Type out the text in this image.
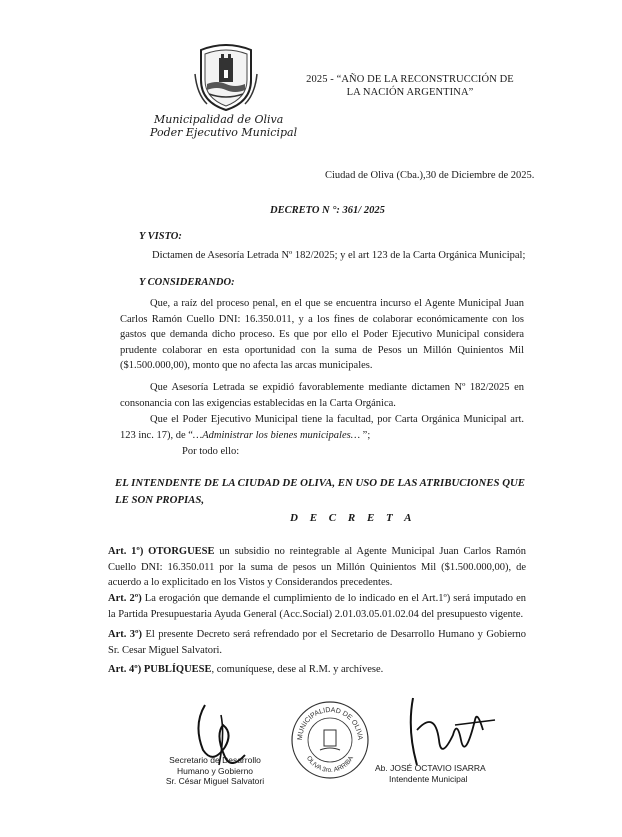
Municipalidad de Oliva
Poder Ejecutivo Municipal
2025 - “AÑO DE LA RECONSTRUCCIÓN DE
LA NACIÓN ARGENTINA”
Ciudad de Oliva (Cba.),30 de Diciembre de 2025.
DECRETO N °: 361/ 2025
Y VISTO:
Dictamen de Asesoría Letrada Nº 182/2025; y el art 123 de la Carta Orgánica Municipal;
Y CONSIDERANDO:
Que, a raíz del proceso penal, en el que se encuentra incurso el Agente Municipal Juan Carlos Ramón Cuello DNI: 16.350.011, y a los fines de colaborar económicamente con los gastos que demanda dicho proceso. Es que por ello el Poder Ejecutivo Municipal considera prudente colaborar en esta oportunidad con la suma de Pesos un Millón Quinientos Mil ($1.500.000,00), monto que no afecta las arcas municipales.
Que Asesoría Letrada se expidió favorablemente mediante dictamen Nº 182/2025 en consonancia con las exigencias establecidas en la Carta Orgánica.
Que el Poder Ejecutivo Municipal tiene la facultad, por Carta Orgánica Municipal art. 123 inc. 17), de “…Administrar los bienes municipales… ”;
Por todo ello:
EL INTENDENTE DE LA CIUDAD DE OLIVA, EN USO DE LAS ATRIBUCIONES QUE LE SON PROPIAS,
D E C R E T A
Art. 1º) OTORGUESE un subsidio no reintegrable al Agente Municipal Juan Carlos Ramón Cuello DNI: 16.350.011 por la suma de pesos un Millón Quinientos Mil ($1.500.000,00), de acuerdo a lo explicitado en los Vistos y Considerandos precedentes.
Art. 2º) La erogación que demande el cumplimiento de lo indicado en el Art.1º) será imputado en la Partida Presupuestaria Ayuda General (Acc.Social) 2.01.03.05.01.02.04 del presupuesto vigente.
Art. 3º) El presente Decreto será refrendado por el Secretario de Desarrollo Humano y Gobierno Sr. Cesar Miguel Salvatori.
Art. 4º) PUBLÍQUESE, comuníquese, dese al R.M. y archívese.
Secretario de Desarrollo
Humano y Gobierno
Sr. César Miguel Salvatori
MUNICIPALIDAD DE OLIVA
OLIVA 3ro. ARRIBA
Ab. JOSÉ OCTAVIO ISARRA
Intendente Municipal
